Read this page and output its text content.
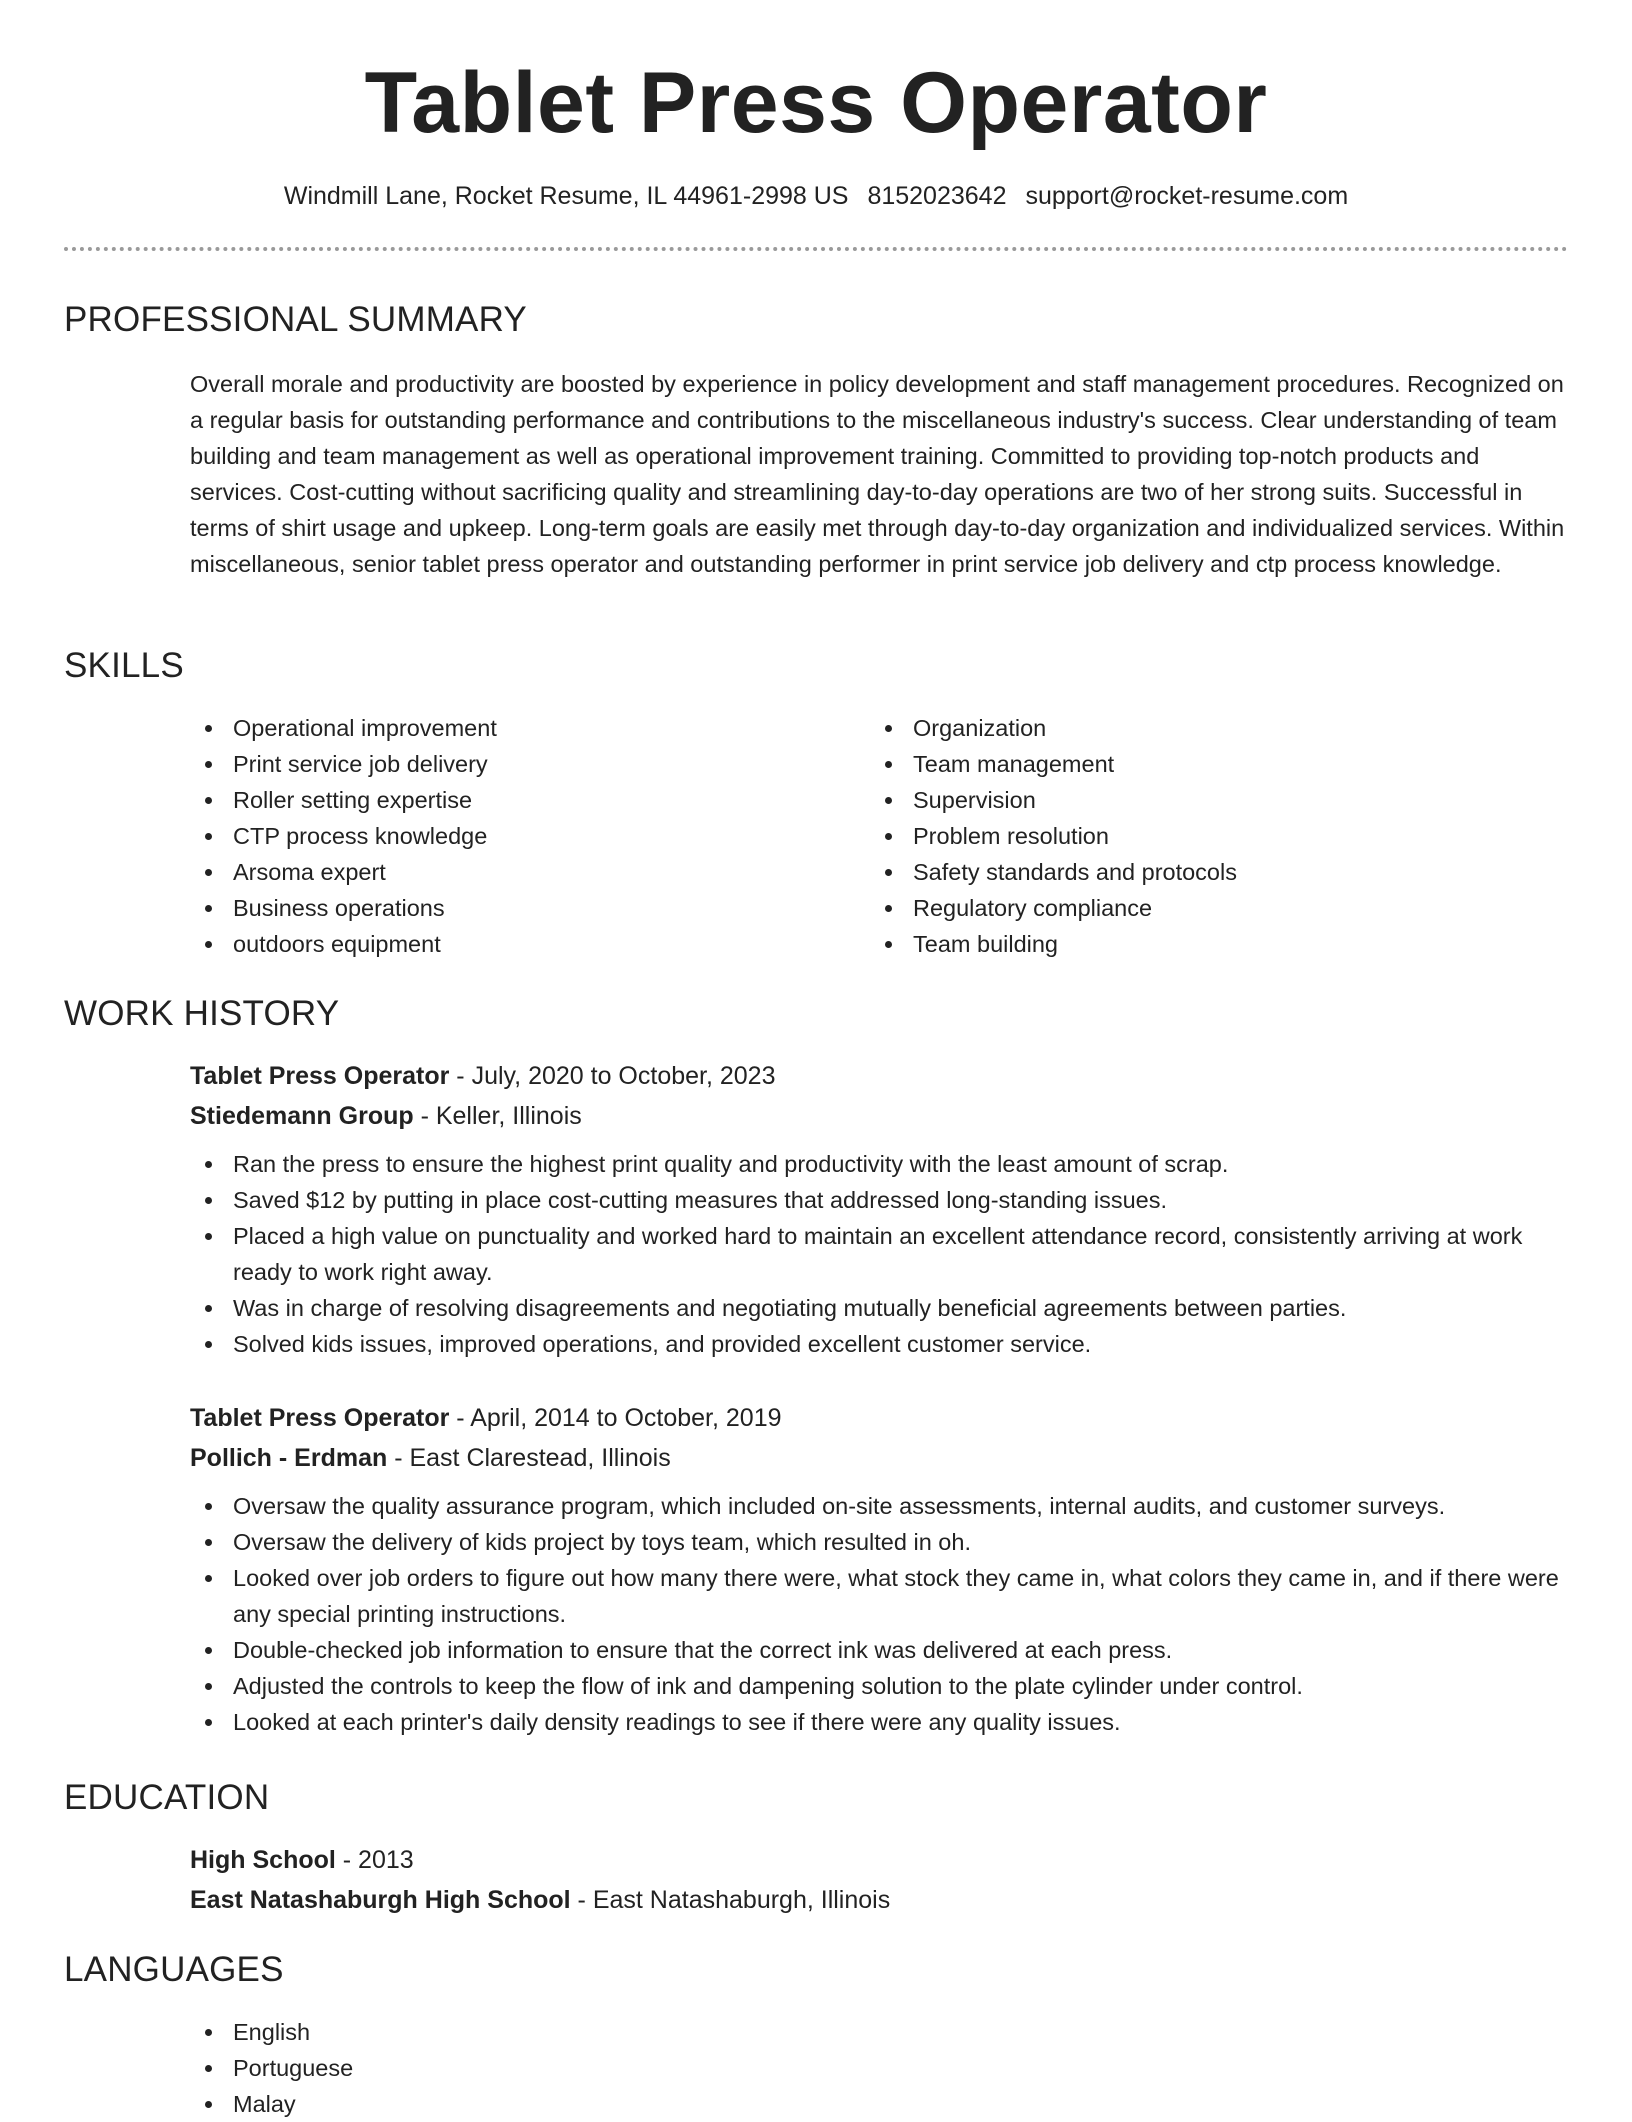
Tablet Press Operator
Windmill Lane, Rocket Resume, IL 44961-2998 US 8152023642 support@rocket-resume.com
PROFESSIONAL SUMMARY

Overall morale and productivity are boosted by experience in policy development and staff management procedures. Recognized on a regular basis for outstanding performance and contributions to the miscellaneous industry's success. Clear understanding of team building and team management as well as operational improvement training. Committed to providing top-notch products and services. Cost-cutting without sacrificing quality and streamlining day-to-day operations are two of her strong suits. Successful in terms of shirt usage and upkeep. Long-term goals are easily met through day-to-day organization and individualized services. Within miscellaneous, senior tablet press operator and outstanding performer in print service job delivery and ctp process knowledge.

SKILLS
Operational improvement
Print service job delivery
Roller setting expertise
CTP process knowledge
Arsoma expert
Business operations
outdoors equipment
Organization
Team management
Supervision
Problem resolution
Safety standards and protocols
Regulatory compliance
Team building
WORK HISTORY
Tablet Press Operator - July, 2020 to October, 2023
Stiedemann Group - Keller, Illinois
Ran the press to ensure the highest print quality and productivity with the least amount of scrap.
Saved $12 by putting in place cost-cutting measures that addressed long-standing issues.
Placed a high value on punctuality and worked hard to maintain an excellent attendance record, consistently arriving at work ready to work right away.
Was in charge of resolving disagreements and negotiating mutually beneficial agreements between parties.
Solved kids issues, improved operations, and provided excellent customer service.
Tablet Press Operator - April, 2014 to October, 2019
Pollich - Erdman - East Clarestead, Illinois
Oversaw the quality assurance program, which included on-site assessments, internal audits, and customer surveys.
Oversaw the delivery of kids project by toys team, which resulted in oh.
Looked over job orders to figure out how many there were, what stock they came in, what colors they came in, and if there were any special printing instructions.
Double-checked job information to ensure that the correct ink was delivered at each press.
Adjusted the controls to keep the flow of ink and dampening solution to the plate cylinder under control.
Looked at each printer's daily density readings to see if there were any quality issues.
EDUCATION
High School - 2013
East Natashaburgh High School - East Natashaburgh, Illinois
LANGUAGES
English
Portuguese
Malay
